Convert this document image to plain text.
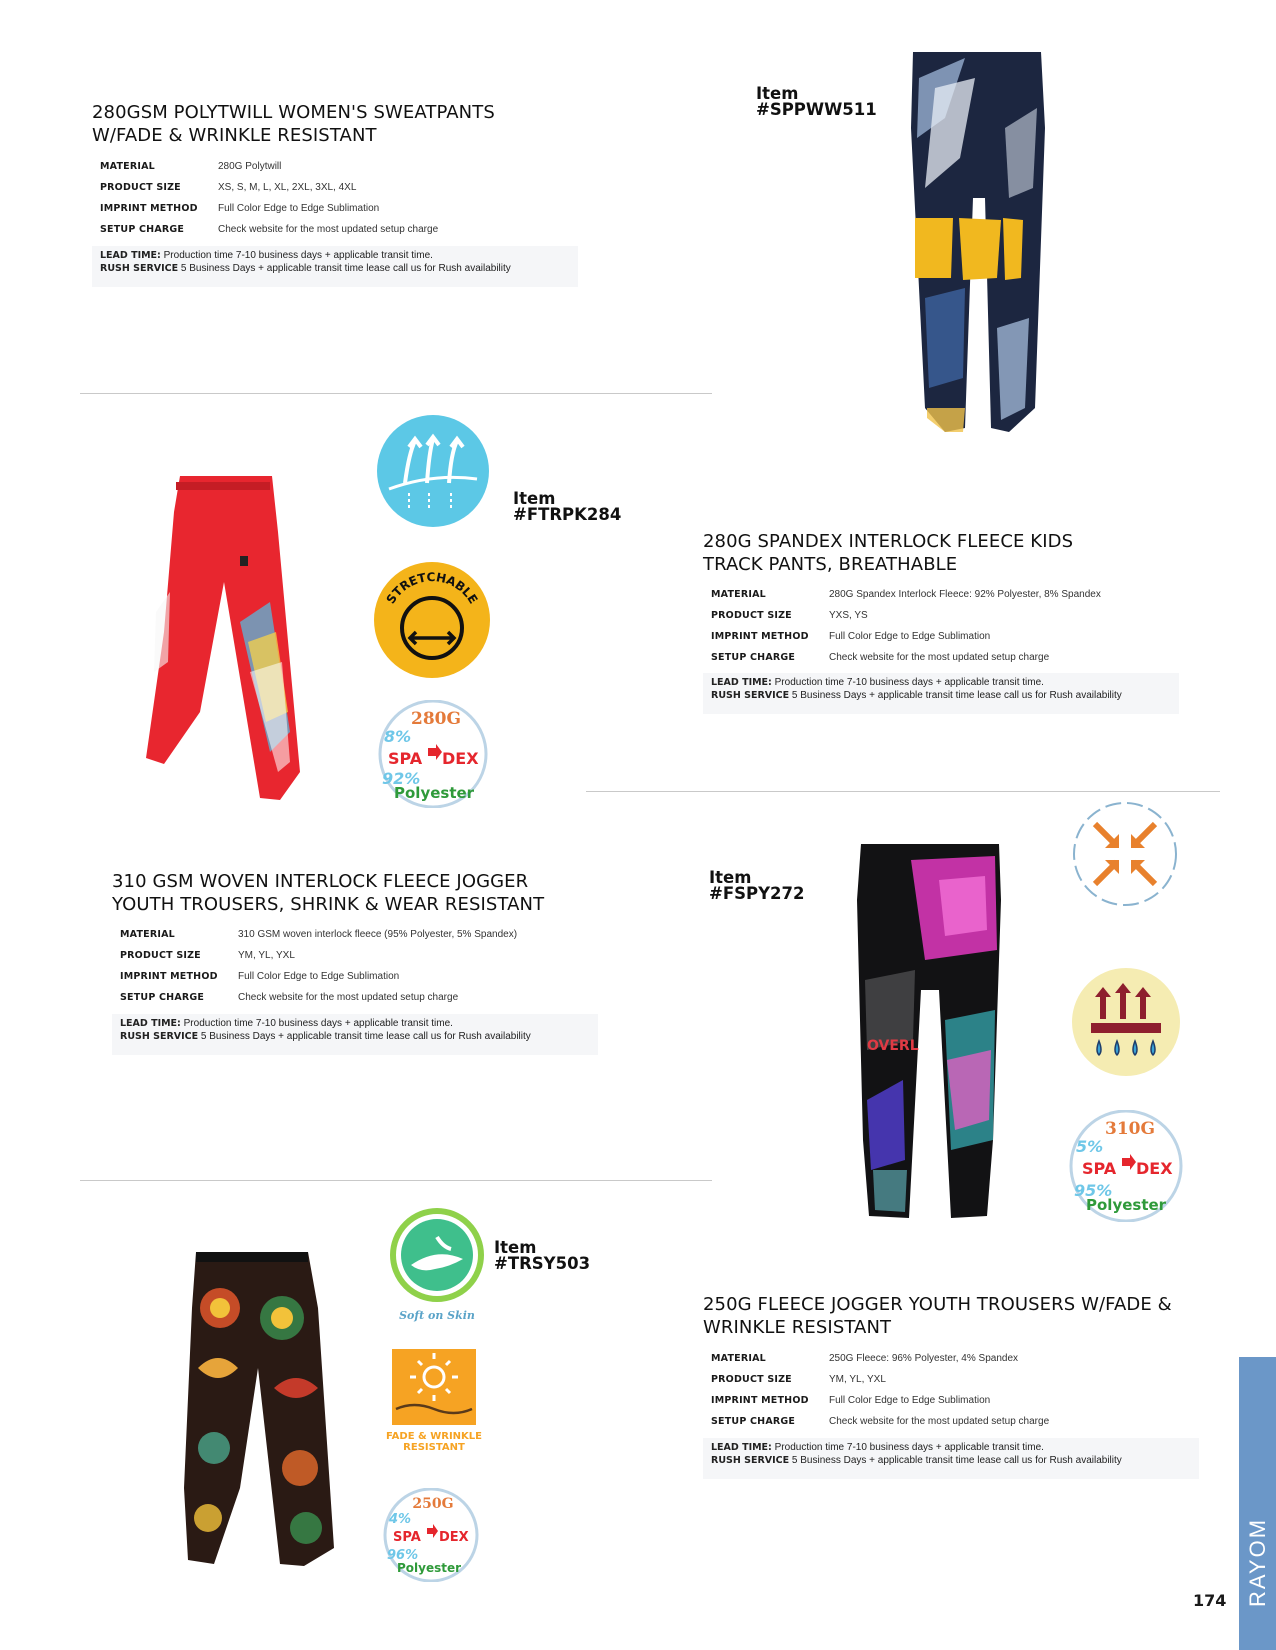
280GSM POLYTWILL WOMEN'S SWEATPANTS
W/FADE & WRINKLE RESISTANT
MATERIAL	280G Polytwill
PRODUCT SIZE	XS, S, M, L, XL, 2XL, 3XL, 4XL
IMPRINT METHOD	Full Color Edge to Edge Sublimation
SETUP CHARGE	Check website for the most updated setup charge
LEAD TIME: Production time 7-10 business days + applicable transit time.
RUSH SERVICE 5 Business Days + applicable transit time lease call us for Rush availability
Item
#SPPWW511
STRETCHABLE
280G
8%
SPA DEX
92%
Polyester
Item
#FTRPK284
280G SPANDEX INTERLOCK FLEECE KIDS
TRACK PANTS, BREATHABLE
MATERIAL	280G Spandex Interlock Fleece: 92% Polyester, 8% Spandex
PRODUCT SIZE	YXS, YS
IMPRINT METHOD	Full Color Edge to Edge Sublimation
SETUP CHARGE	Check website for the most updated setup charge
LEAD TIME: Production time 7-10 business days + applicable transit time.
RUSH SERVICE 5 Business Days + applicable transit time lease call us for Rush availability
310 GSM WOVEN INTERLOCK FLEECE JOGGER
YOUTH TROUSERS, SHRINK & WEAR RESISTANT
MATERIAL	310 GSM woven interlock fleece (95% Polyester, 5% Spandex)
PRODUCT SIZE	YM, YL, YXL
IMPRINT METHOD	Full Color Edge to Edge Sublimation
SETUP CHARGE	Check website for the most updated setup charge
LEAD TIME: Production time 7-10 business days + applicable transit time.
RUSH SERVICE 5 Business Days + applicable transit time lease call us for Rush availability
Item
#FSPY272
OVERL
310G
5%
SPA DEX
95%
Polyester
Soft on Skin
FADE & WRINKLE
RESISTANT
250G
4%
SPA DEX
96%
Polyester
Item
#TRSY503
250G FLEECE JOGGER YOUTH TROUSERS W/FADE &
WRINKLE RESISTANT
MATERIAL	250G Fleece: 96% Polyester, 4% Spandex
PRODUCT SIZE	YM, YL, YXL
IMPRINT METHOD	Full Color Edge to Edge Sublimation
SETUP CHARGE	Check website for the most updated setup charge
LEAD TIME: Production time 7-10 business days + applicable transit time.
RUSH SERVICE 5 Business Days + applicable transit time lease call us for Rush availability
174 RAYOM
